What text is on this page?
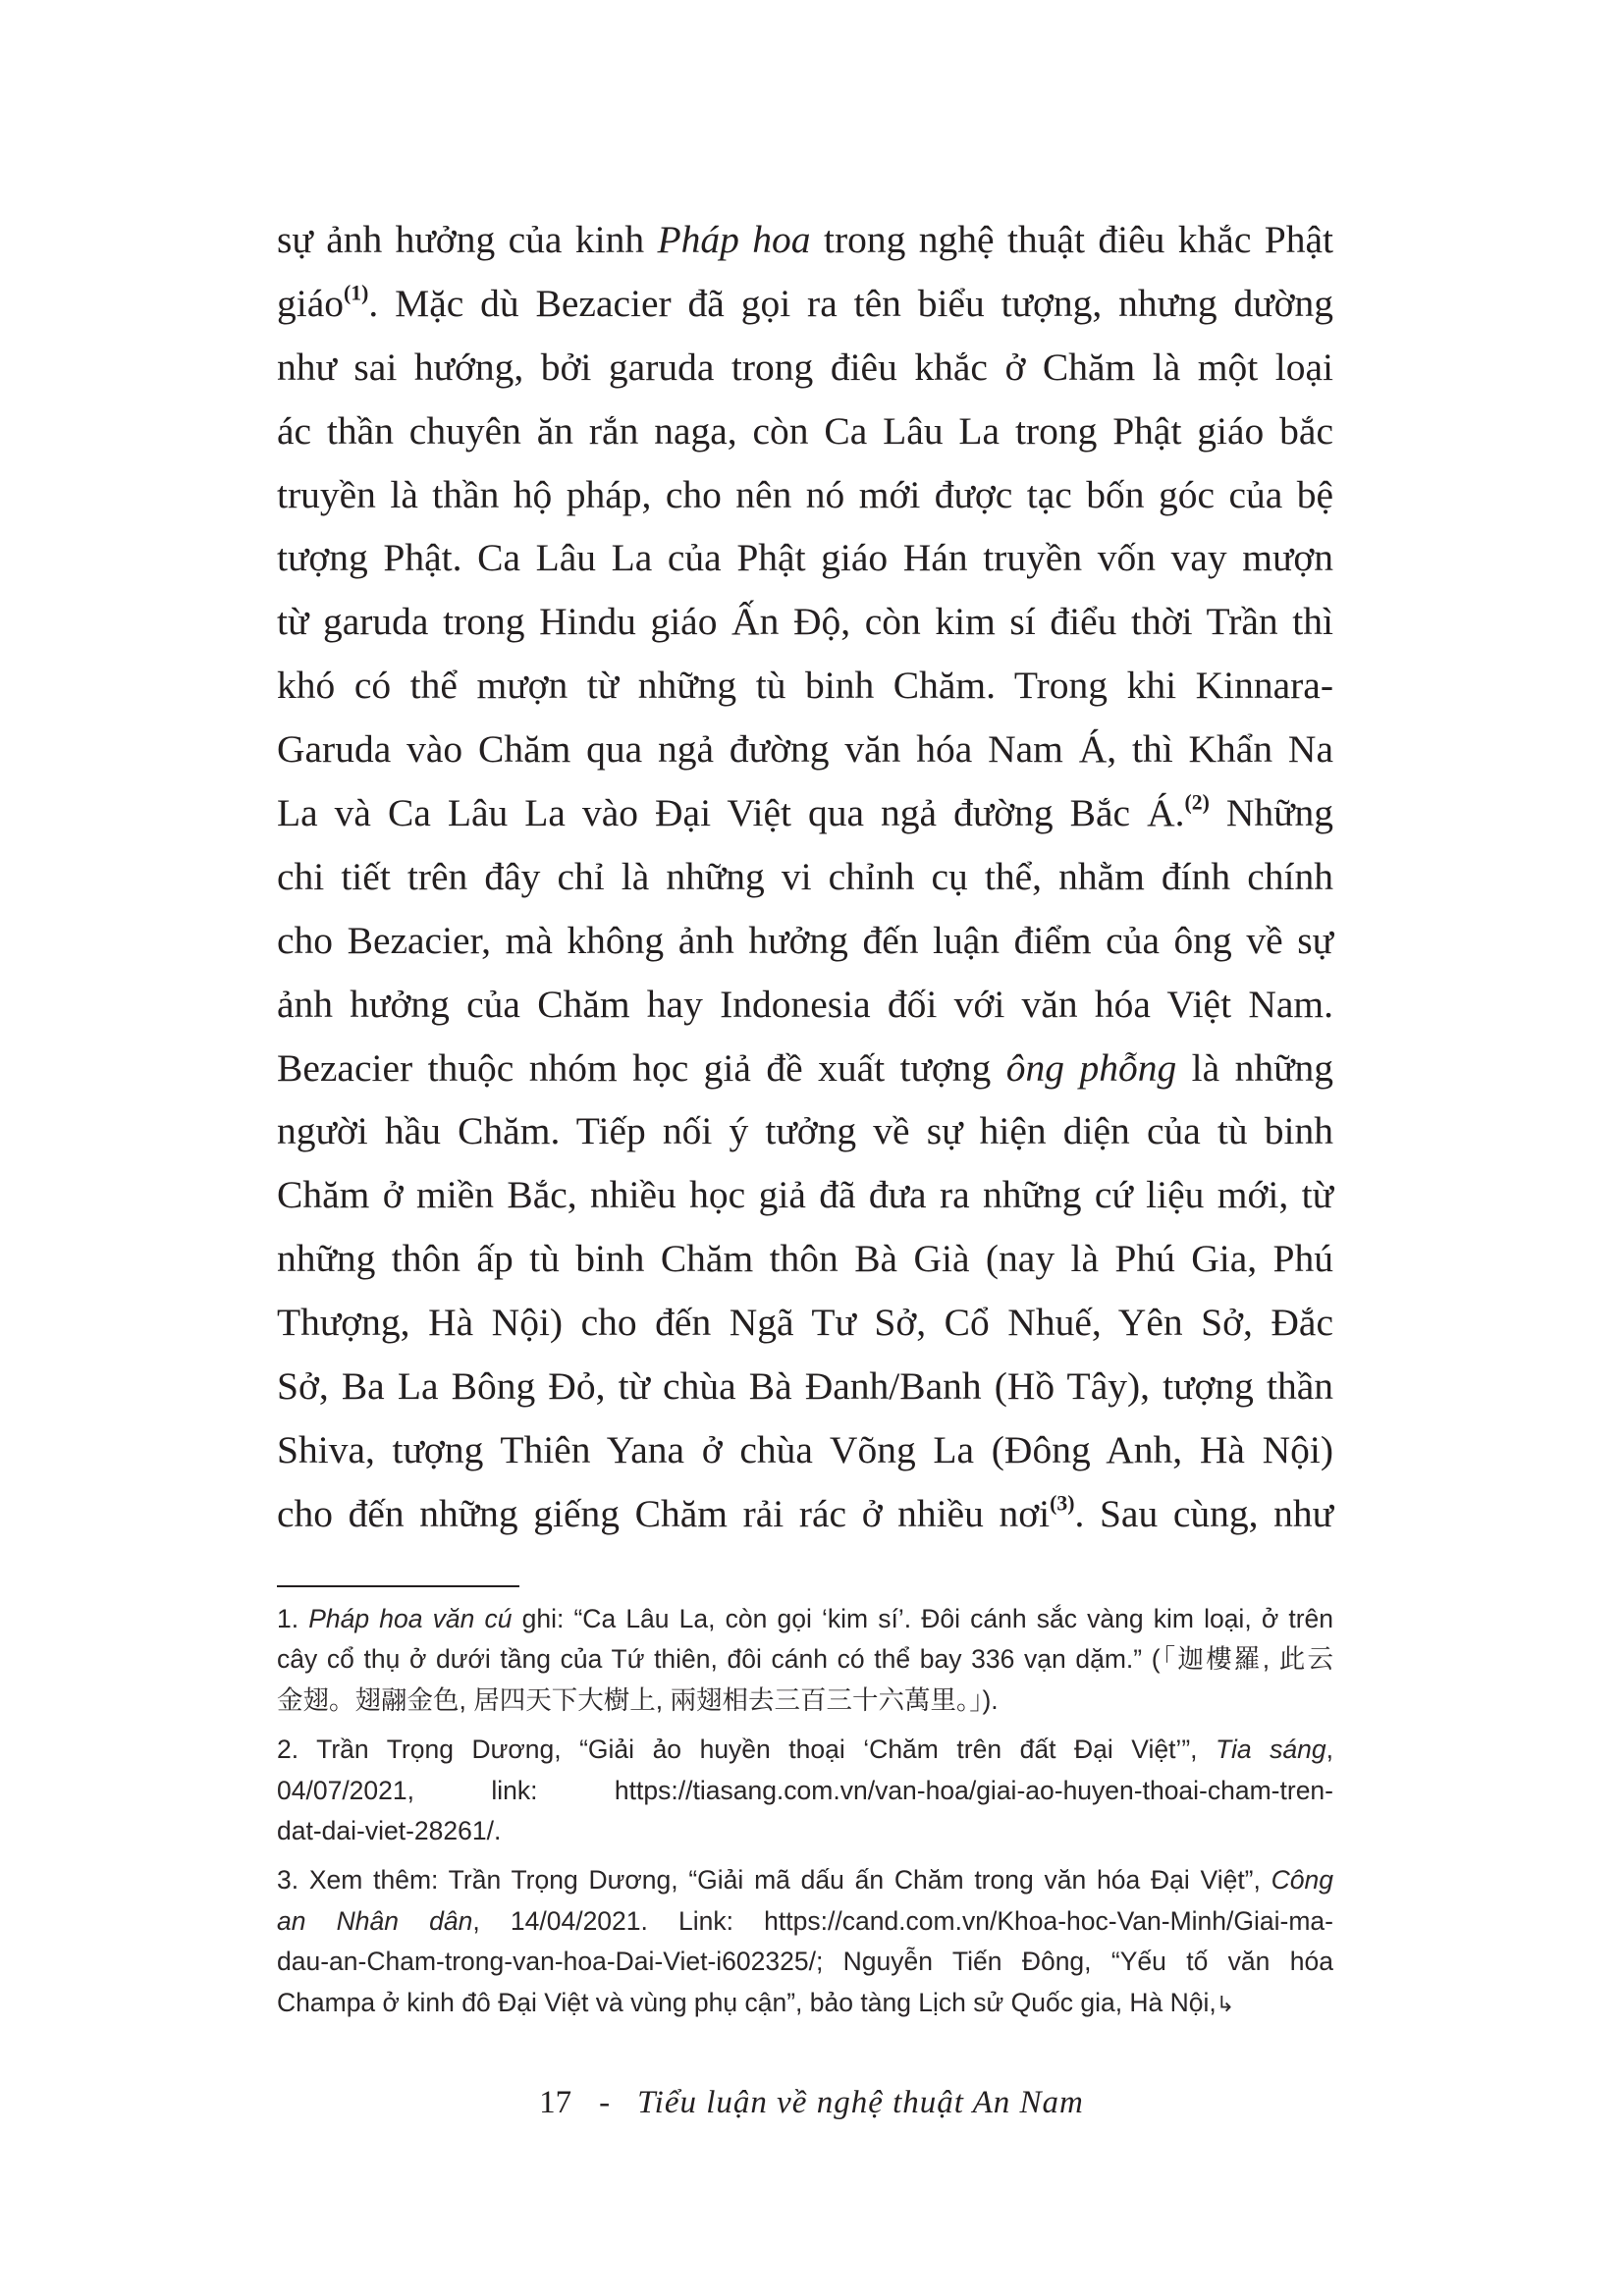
sự ảnh hưởng của kinh Pháp hoa trong nghệ thuật điêu khắc Phật
giáo$^{(1)}$. Mặc dù Bezacier đã gọi ra tên biểu tượng, nhưng dường
như sai hướng, bởi garuda trong điêu khắc ở Chăm là một loại
ác thần chuyên ăn rắn naga, còn Ca Lâu La trong Phật giáo bắc
truyền là thần hộ pháp, cho nên nó mới được tạc bốn góc của bệ
tượng Phật. Ca Lâu La của Phật giáo Hán truyền vốn vay mượn
từ garuda trong Hindu giáo Ấn Độ, còn kim sí điểu thời Trần thì
khó có thể mượn từ những tù binh Chăm. Trong khi Kinnara-
Garuda vào Chăm qua ngả đường văn hóa Nam Á, thì Khẩn Na
La và Ca Lâu La vào Đại Việt qua ngả đường Bắc Á.$^{(2)}$ Những
chi tiết trên đây chỉ là những vi chỉnh cụ thể, nhằm đính chính
cho Bezacier, mà không ảnh hưởng đến luận điểm của ông về sự
ảnh hưởng của Chăm hay Indonesia đối với văn hóa Việt Nam.
Bezacier thuộc nhóm học giả đề xuất tượng ông phỗng là những
người hầu Chăm. Tiếp nối ý tưởng về sự hiện diện của tù binh
Chăm ở miền Bắc, nhiều học giả đã đưa ra những cứ liệu mới, từ
những thôn ấp tù binh Chăm thôn Bà Già (nay là Phú Gia, Phú
Thượng, Hà Nội) cho đến Ngã Tư Sở, Cổ Nhuế, Yên Sở, Đắc
Sở, Ba La Bông Đỏ, từ chùa Bà Đanh/Banh (Hồ Tây), tượng thần
Shiva, tượng Thiên Yana ở chùa Võng La (Đông Anh, Hà Nội)
cho đến những giếng Chăm rải rác ở nhiều nơi$^{(3)}$. Sau cùng, như
1. Pháp hoa văn cú ghi: “Ca Lâu La, còn gọi ‘kim sí’. Đôi cánh sắc vàng kim loại, ở trên
cây cổ thụ ở dưới tầng của Tứ thiên, đôi cánh có thể bay 336 vạn dặm.” (「迦樓羅, 此云
金翅。翅翮金色, 居四天下大樹上, 兩翅相去三百三十六萬里。」).
2. Trần Trọng Dương, “Giải ảo huyền thoại ‘Chăm trên đất Đại Việt’”, Tia sáng,
04/07/2021, link: https://tiasang.com.vn/van-hoa/giai-ao-huyen-thoai-cham-tren-
dat-dai-viet-28261/.
3. Xem thêm: Trần Trọng Dương, “Giải mã dấu ấn Chăm trong văn hóa Đại Việt”, Công
an Nhân dân, 14/04/2021. Link: https://cand.com.vn/Khoa-hoc-Van-Minh/Giai-ma-
dau-an-Cham-trong-van-hoa-Dai-Viet-i602325/; Nguyễn Tiến Đông, “Yếu tố văn hóa
Champa ở kinh đô Đại Việt và vùng phụ cận”, bảo tàng Lịch sử Quốc gia, Hà Nội,↳
17 - Tiểu luận về nghệ thuật An Nam
